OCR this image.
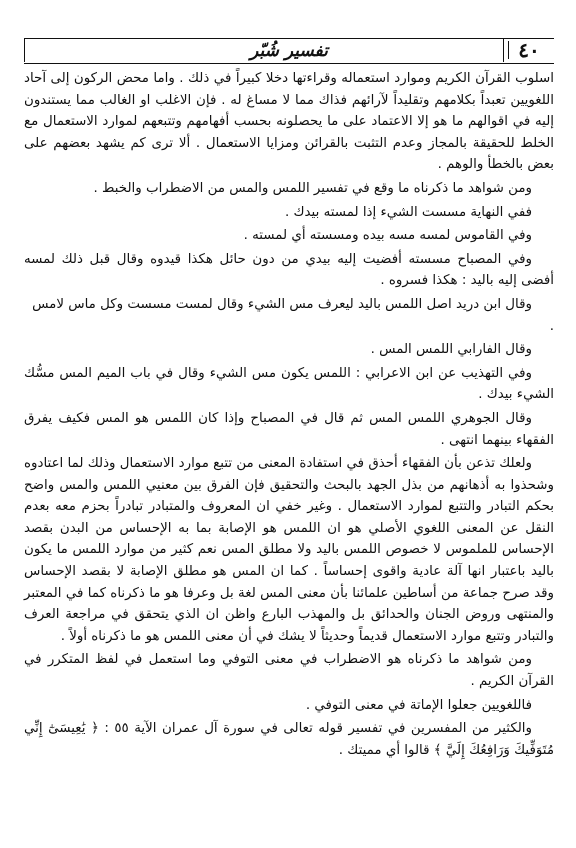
تفسير شُبّر	٤٠

اسلوب القرآن الكريم وموارد استعماله وقراءتها دخلا كبيراً في ذلك . واما محض الركون إلى آحاد اللغويين تعبداً بكلامهم وتقليداً لآرائهم فذاك مما لا مساغ له . فإن الاغلب او الغالب مما يستندون إليه في اقوالهم ما هو إلا الاعتماد على ما يحصلونه بحسب أفهامهم وتتبعهم لموارد الاستعمال مع الخلط للحقيقة بالمجاز وعدم التثبت بالقرائن ومزايا الاستعمال . ألا ترى كم يشهد بعضهم على بعض بالخطأ والوهم .

ومن شواهد ما ذكرناه ما وقع في تفسير اللمس والمس من الاضطراب والخبط .

ففي النهاية مسست الشيء إذا لمسته بيدك .

وفي القاموس لمسه مسه بيده ومسسته أي لمسته .

وفي المصباح مسسته أفضيت إليه بيدي من دون حائل هكذا قيدوه وقال قبل ذلك لمسه أفضى إليه باليد : هكذا فسروه .

وقال ابن دريد اصل اللمس باليد ليعرف مس الشيء وقال لمست مسست وكل ماس لامس .

وقال الفارابي اللمس المس .

وفي التهذيب عن ابن الاعرابي : اللمس يكون مس الشيء وقال في باب الميم المس مسُّك الشيء بيدك .

وقال الجوهري اللمس المس ثم قال في المصباح وإذا كان اللمس هو المس فكيف يفرق الفقهاء بينهما انتهى .

ولعلك تذعن بأن الفقهاء أحذق في استفادة المعنى من تتبع موارد الاستعمال وذلك لما اعتادوه وشحذوا به أذهانهم من بذل الجهد بالبحث والتحقيق فإن الفرق بين معنيي اللمس والمس واضح بحكم التبادر والتتبع لموارد الاستعمال . وغير خفي ان المعروف والمتبادر تبادراً بحزم معه بعدم النقل عن المعنى اللغوي الأصلي هو ان اللمس هو الإصابة بما به الإحساس من البدن بقصد الإحساس للملموس لا خصوص اللمس باليد ولا مطلق المس نعم كثير من موارد اللمس ما يكون باليد باعتبار انها آلة عادية واقوى إحساساً . كما ان المس هو مطلق الإصابة لا بقصد الإحساس وقد صرح جماعة من أساطين علمائنا بأن معنى المس لغة بل وعرفا هو ما ذكرناه كما في المعتبر والمنتهى وروض الجنان والحدائق بل والمهذب البارع واظن ان الذي يتحقق في مراجعة العرف والتبادر وتتبع موارد الاستعمال قديماً وحديثاً لا يشك في أن معنى اللمس هو ما ذكرناه أولاً .

ومن شواهد ما ذكرناه هو الاضطراب في معنى التوفي وما استعمل في لفظ المتكرر في القرآن الكريم .

فاللغويين جعلوا الإماتة في معنى التوفي .

والكثير من المفسرين في تفسير قوله تعالى في سورة آل عمران الآية ٥٥ : ﴿ يَٰعِيسَىٰٓ إِنِّي مُتَوَفِّيكَ وَرَافِعُكَ إِلَيَّ ﴾ قالوا أي مميتك .
